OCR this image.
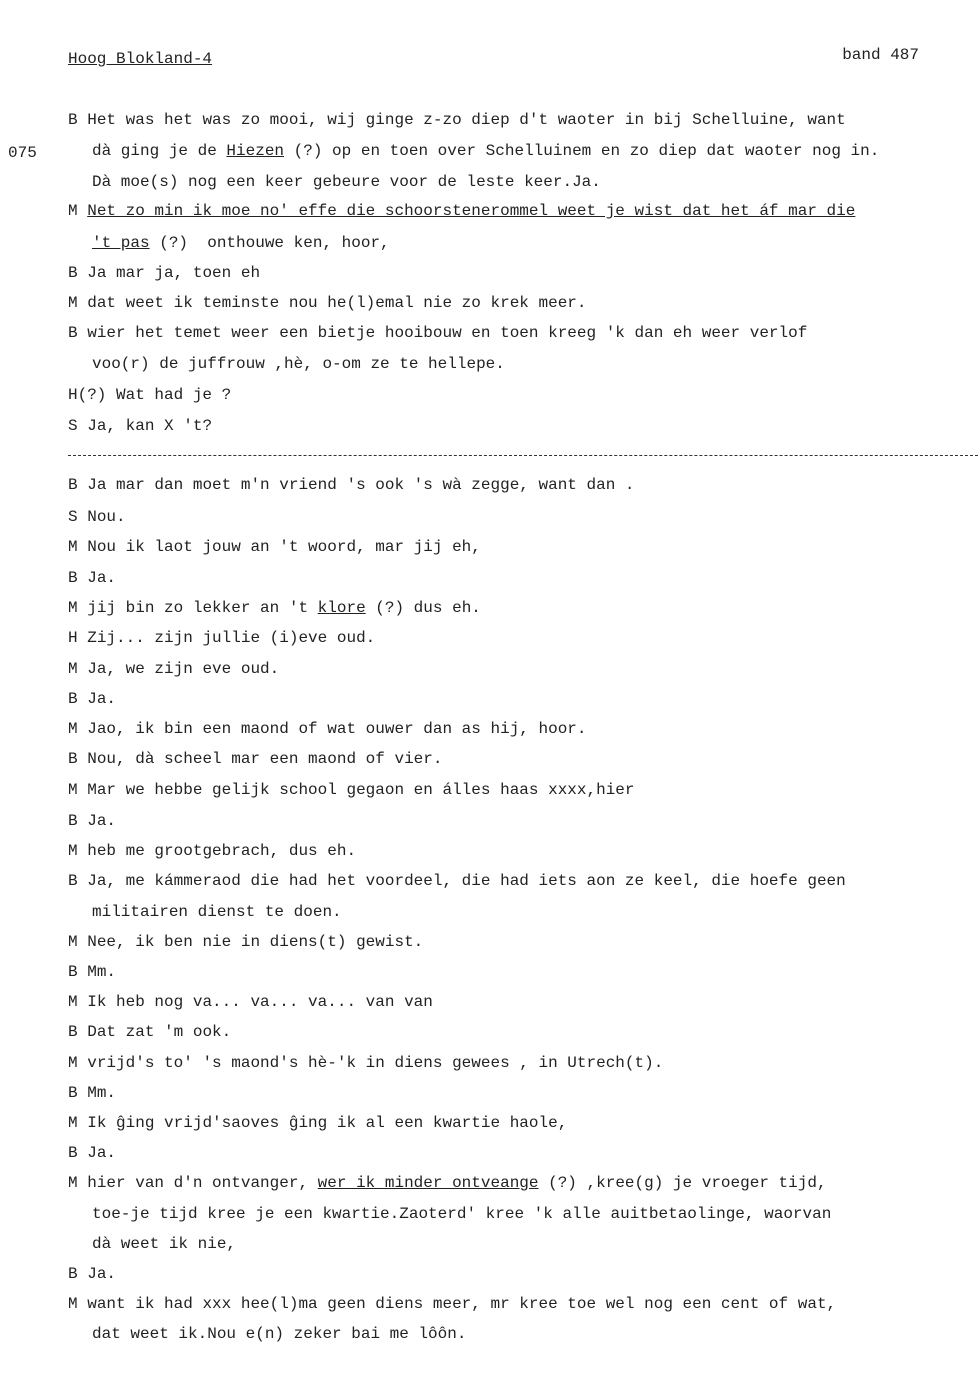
Hoog Blokland-4	band 487
075
B Het was het was zo mooi, wij ginge z-zo diep d't waoter in bij Schelluine, want
dà ging je de Hiezen (?) op en toen over Schelluinem en zo diep dat waoter nog in.
Dà moe(s) nog een keer gebeure voor de leste keer.Ja.
M Net zo min ik moe no' effe die schoorstenerommel weet je wist dat het áf mar die
't pas (?)  onthouwe ken, hoor,
B Ja mar ja, toen eh
M dat weet ik teminste nou he(l)emal nie zo krek meer.
B wier het temet weer een bietje hooibouw en toen kreeg 'k dan eh weer verlof
voo(r) de juffrouw ,hè, o-om ze te hellepe.
H(?) Wat had je ?
S Ja, kan X 't?
B Ja mar dan moet m'n vriend 's ook 's wà zegge, want dan .
S Nou.
M Nou ik laot jouw an 't woord, mar jij eh,
B Ja.
M jij bin zo lekker an 't klore (?) dus eh.
H Zij... zijn jullie (i)eve oud.
M Ja, we zijn eve oud.
B Ja.
M Jao, ik bin een maond of wat ouwer dan as hij, hoor.
B Nou, dà scheel mar een maond of vier.
M Mar we hebbe gelijk school gegaon en álles haas xxxx,hier
B Ja.
M heb me grootgebrach, dus eh.
B Ja, me kámmeraod die had het voordeel, die had iets aon ze keel, die hoefe geen
militairen dienst te doen.
M Nee, ik ben nie in diens(t) gewist.
B Mm.
M Ik heb nog va... va... va... van van
B Dat zat 'm ook.
M vrijd's to' 's maond's hè-'k in diens gewees , in Utrech(t).
B Mm.
M Ik ĝing vrijd'saoves ĝing ik al een kwartie haole,
B Ja.
M hier van d'n ontvanger, wer ik minder ontveange (?) ,kree(g) je vroeger tijd,
toe-je tijd kree je een kwartie.Zaoterd' kree 'k alle auitbetaolinge, waorvan
dà weet ik nie,
B Ja.
M want ik had xxx hee(l)ma geen diens meer, mr kree toe wel nog een cent of wat,
dat weet ik.Nou e(n) zeker bai me lôôn.
